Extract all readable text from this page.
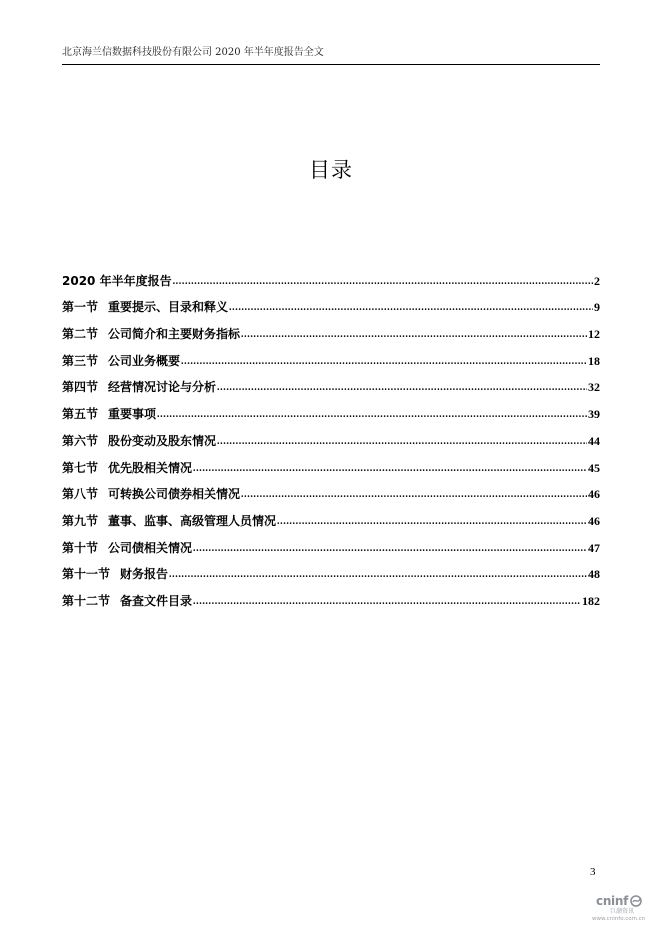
北京海兰信数据科技股份有限公司 2020 年半年度报告全文
目录
2020 年半年度报告 .....	2
第一节 重要提示、目录和释义 .....	9
第二节 公司简介和主要财务指标 .....	12
第三节 公司业务概要 .....	18
第四节 经营情况讨论与分析 .....	32
第五节 重要事项 .....	39
第六节 股份变动及股东情况 .....	44
第七节 优先股相关情况 .....	45
第八节 可转换公司债券相关情况 .....	46
第九节 董事、监事、高级管理人员情况 .....	46
第十节 公司债相关情况 .....	47
第十一节 财务报告 .....	48
第十二节 备查文件目录 .....	182
3
cninf
巨潮资讯
www.cninfo.com.cn
